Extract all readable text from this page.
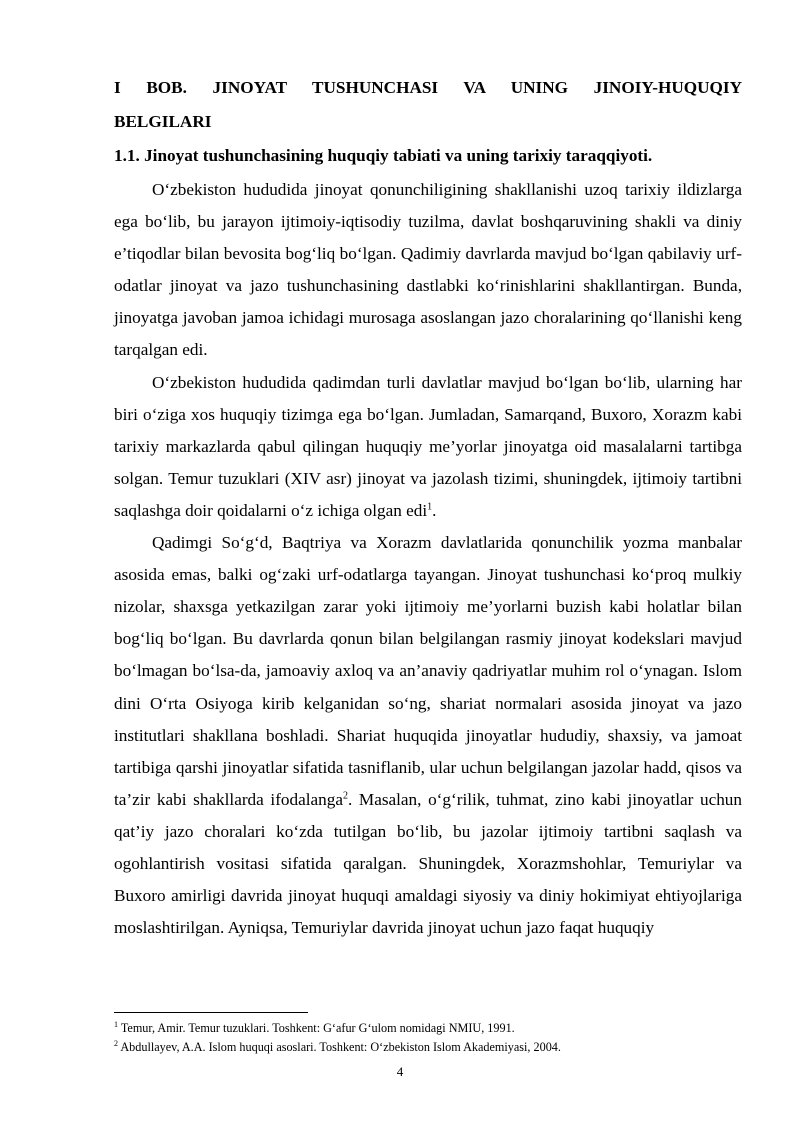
I BOB. JINOYAT TUSHUNCHASI VA UNING JINOIY-HUQUQIY
BELGILARI
1.1. Jinoyat tushunchasining huquqiy tabiati va uning tarixiy taraqqiyoti.

O‘zbekiston hududida jinoyat qonunchiligining shakllanishi uzoq tarixiy ildizlarga ega bo‘lib, bu jarayon ijtimoiy-iqtisodiy tuzilma, davlat boshqaruvining shakli va diniy e’tiqodlar bilan bevosita bog‘liq bo‘lgan. Qadimiy davrlarda mavjud bo‘lgan qabilaviy urf-odatlar jinoyat va jazo tushunchasining dastlabki ko‘rinishlarini shakllantirgan. Bunda, jinoyatga javoban jamoa ichidagi murosaga asoslangan jazo choralarining qo‘llanishi keng tarqalgan edi.

O‘zbekiston hududida qadimdan turli davlatlar mavjud bo‘lgan bo‘lib, ularning har biri o‘ziga xos huquqiy tizimga ega bo‘lgan. Jumladan, Samarqand, Buxoro, Xorazm kabi tarixiy markazlarda qabul qilingan huquqiy me’yorlar jinoyatga oid masalalarni tartibga solgan. Temur tuzuklari (XIV asr) jinoyat va jazolash tizimi, shuningdek, ijtimoiy tartibni saqlashga doir qoidalarni o‘z ichiga olgan edi$^1$.

Qadimgi So‘g‘d, Baqtriya va Xorazm davlatlarida qonunchilik yozma manbalar asosida emas, balki og‘zaki urf-odatlarga tayangan. Jinoyat tushunchasi ko‘proq mulkiy nizolar, shaxsga yetkazilgan zarar yoki ijtimoiy me’yorlarni buzish kabi holatlar bilan bog‘liq bo‘lgan. Bu davrlarda qonun bilan belgilangan rasmiy jinoyat kodekslari mavjud bo‘lmagan bo‘lsa-da, jamoaviy axloq va an’anaviy qadriyatlar muhim rol o‘ynagan. Islom dini O‘rta Osiyoga kirib kelganidan so‘ng, shariat normalari asosida jinoyat va jazo institutlari shakllana boshladi. Shariat huquqida jinoyatlar hududiy, shaxsiy, va jamoat tartibiga qarshi jinoyatlar sifatida tasniflanib, ular uchun belgilangan jazolar hadd, qisos va ta’zir kabi shakllarda ifodalanga$^2$. Masalan, o‘g‘rilik, tuhmat, zino kabi jinoyatlar uchun qat’iy jazo choralari ko‘zda tutilgan bo‘lib, bu jazolar ijtimoiy tartibni saqlash va ogohlantirish vositasi sifatida qaralgan. Shuningdek, Xorazmshohlar, Temuriylar va Buxoro amirligi davrida jinoyat huquqi amaldagi siyosiy va diniy hokimiyat ehtiyojlariga moslashtirilgan. Ayniqsa, Temuriylar davrida jinoyat uchun jazo faqat huquqiy

$^1$ Temur, Amir. Temur tuzuklari. Toshkent: G‘afur G‘ulom nomidagi NMIU, 1991.

$^2$ Abdullayev, A.A. Islom huquqi asoslari. Toshkent: O‘zbekiston Islom Akademiyasi, 2004.

4
